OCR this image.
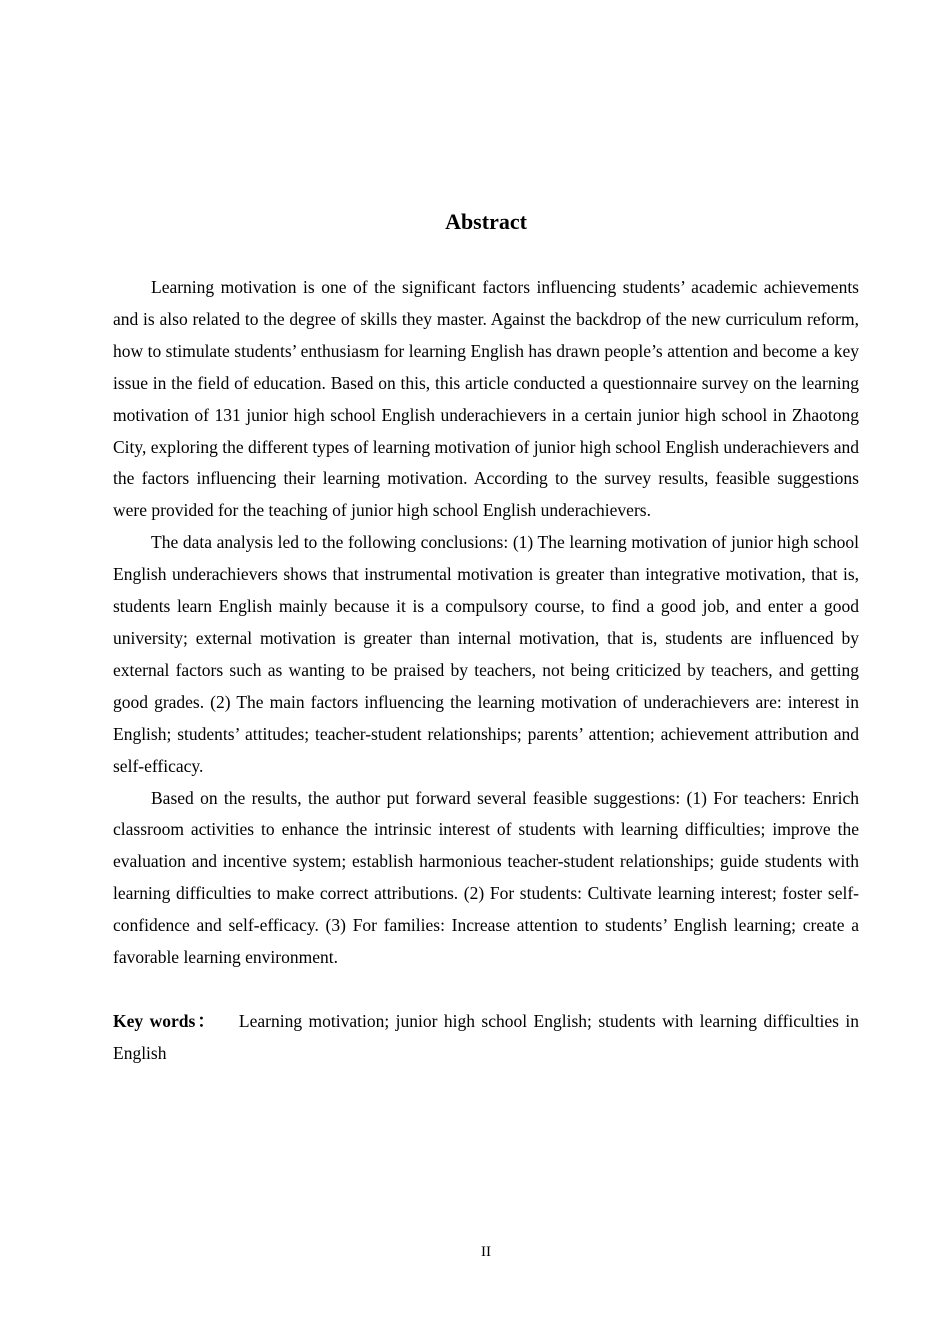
Abstract

Learning motivation is one of the significant factors influencing students’ academic achievements and is also related to the degree of skills they master. Against the backdrop of the new curriculum reform, how to stimulate students’ enthusiasm for learning English has drawn people’s attention and become a key issue in the field of education. Based on this, this article conducted a questionnaire survey on the learning motivation of 131 junior high school English underachievers in a certain junior high school in Zhaotong City, exploring the different types of learning motivation of junior high school English underachievers and the factors influencing their learning motivation. According to the survey results, feasible suggestions were provided for the teaching of junior high school English underachievers.

The data analysis led to the following conclusions: (1) The learning motivation of junior high school English underachievers shows that instrumental motivation is greater than integrative motivation, that is, students learn English mainly because it is a compulsory course, to find a good job, and enter a good university; external motivation is greater than internal motivation, that is, students are influenced by external factors such as wanting to be praised by teachers, not being criticized by teachers, and getting good grades. (2) The main factors influencing the learning motivation of underachievers are: interest in English; students’ attitudes; teacher-student relationships; parents’ attention; achievement attribution and self-efficacy.

Based on the results, the author put forward several feasible suggestions: (1) For teachers: Enrich classroom activities to enhance the intrinsic interest of students with learning difficulties; improve the evaluation and incentive system; establish harmonious teacher-student relationships; guide students with learning difficulties to make correct attributions. (2) For students: Cultivate learning interest; foster self-confidence and self-efficacy. (3) For families: Increase attention to students’ English learning; create a favorable learning environment.

Key words： Learning motivation; junior high school English; students with learning difficulties in English

II
